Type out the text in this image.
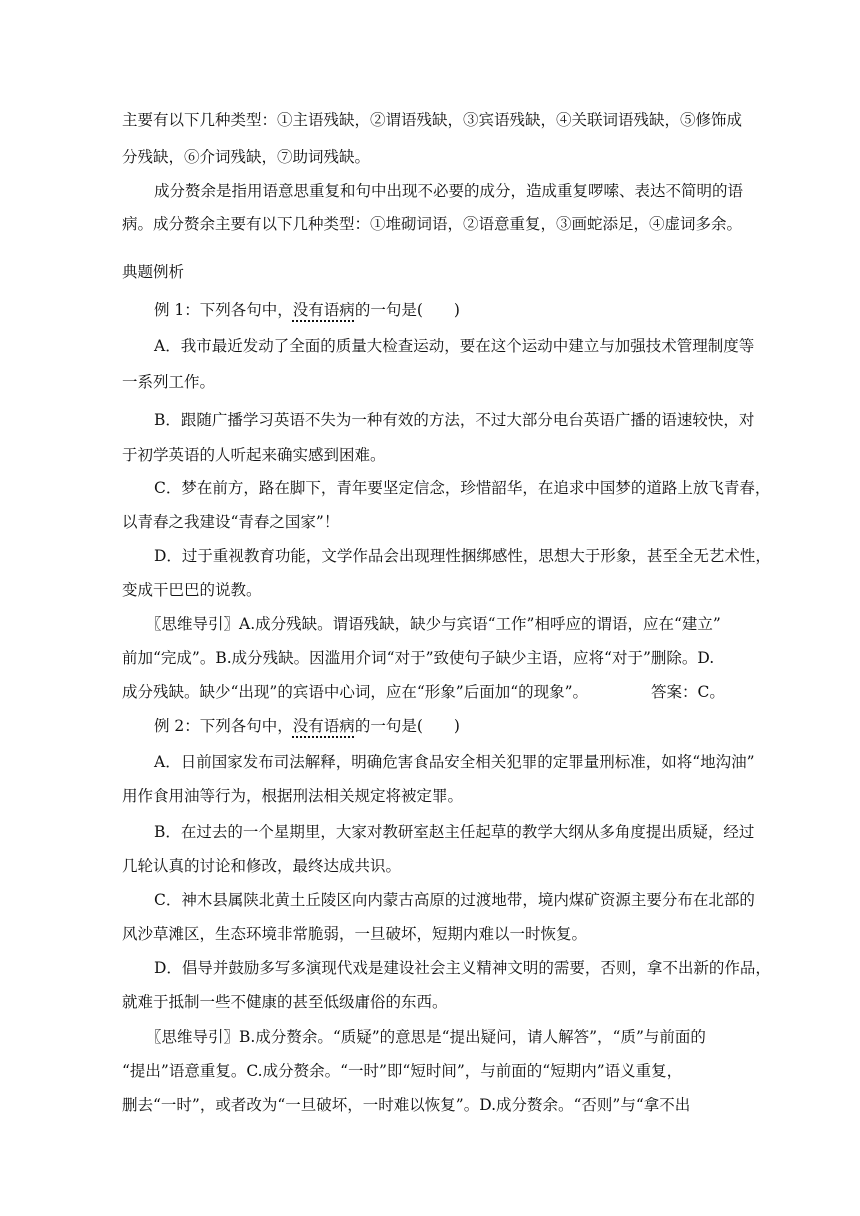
主要有以下几种类型：①主语残缺，②谓语残缺，③宾语残缺，④关联词语残缺，⑤修饰成
分残缺，⑥介词残缺，⑦助词残缺。
成分赘余是指用语意思重复和句中出现不必要的成分，造成重复啰嗦、表达不简明的语
病。成分赘余主要有以下几种类型：①堆砌词语，②语意重复，③画蛇添足，④虚词多余。
典题例析
例 1：下列各句中，没有语病的一句是(　　)
A．我市最近发动了全面的质量大检查运动，要在这个运动中建立与加强技术管理制度等
一系列工作。
B．跟随广播学习英语不失为一种有效的方法，不过大部分电台英语广播的语速较快，对
于初学英语的人听起来确实感到困难。
C．梦在前方，路在脚下，青年要坚定信念，珍惜韶华，在追求中国梦的道路上放飞青春，
以青春之我建设“青春之国家”！
D．过于重视教育功能，文学作品会出现理性捆绑感性，思想大于形象，甚至全无艺术性，
变成干巴巴的说教。
〖思维导引〗A.成分残缺。谓语残缺，缺少与宾语“工作”相呼应的谓语，应在“建立”
前加“完成”。B.成分残缺。因滥用介词“对于”致使句子缺少主语，应将“对于”删除。D.
成分残缺。缺少“出现”的宾语中心词，应在“形象”后面加“的现象”。	答案：C。
例 2：下列各句中，没有语病的一句是(　　)
A．日前国家发布司法解释，明确危害食品安全相关犯罪的定罪量刑标准，如将“地沟油”
用作食用油等行为，根据刑法相关规定将被定罪。
B．在过去的一个星期里，大家对教研室赵主任起草的教学大纲从多角度提出质疑，经过
几轮认真的讨论和修改，最终达成共识。
C．神木县属陕北黄土丘陵区向内蒙古高原的过渡地带，境内煤矿资源主要分布在北部的
风沙草滩区，生态环境非常脆弱，一旦破坏，短期内难以一时恢复。
D．倡导并鼓励多写多演现代戏是建设社会主义精神文明的需要，否则，拿不出新的作品，
就难于抵制一些不健康的甚至低级庸俗的东西。
〖思维导引〗B.成分赘余。“质疑”的意思是“提出疑问，请人解答”，“质”与前面的
“提出”语意重复。C.成分赘余。“一时”即“短时间”，与前面的“短期内”语义重复，
删去“一时”，或者改为“一旦破坏，一时难以恢复”。D.成分赘余。“否则”与“拿不出
